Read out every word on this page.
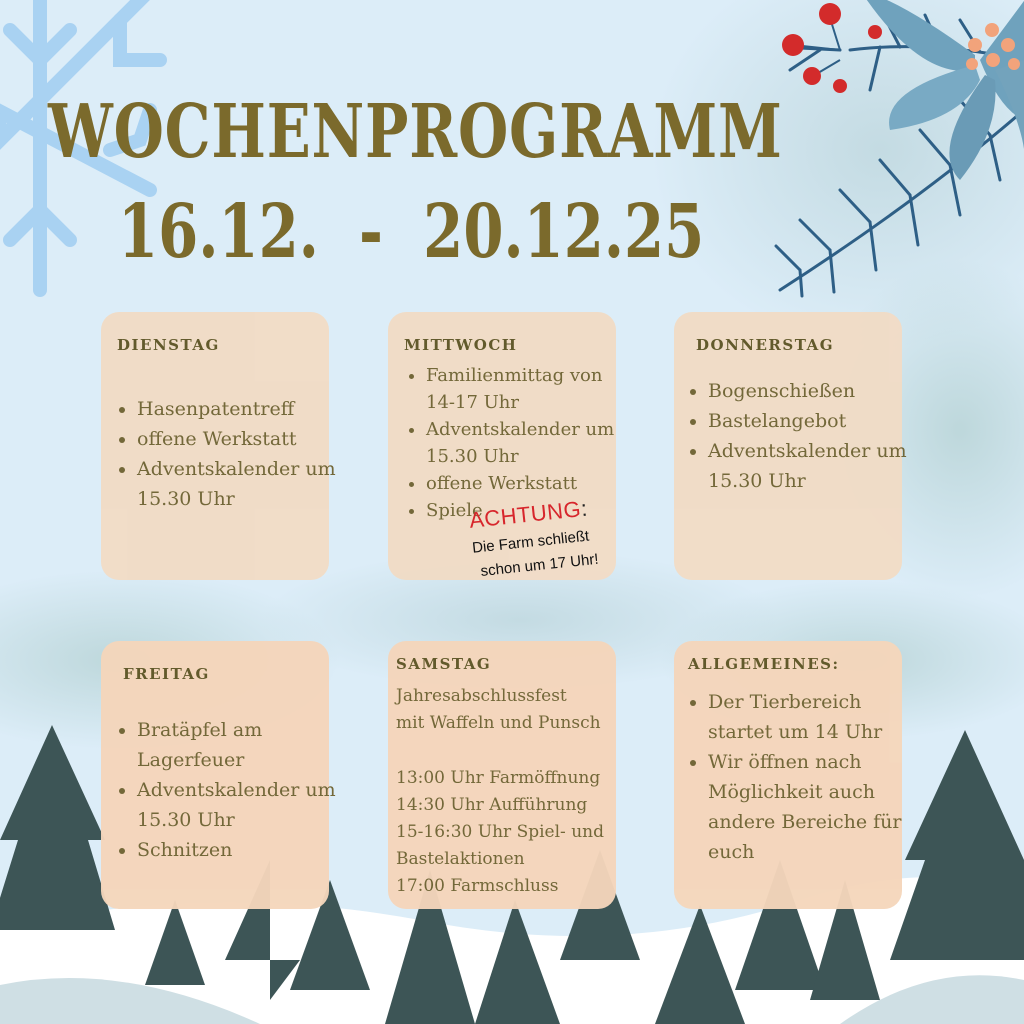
WOCHENPROGRAMM
16.12.  -  20.12.25
DIENSTAG
• Hasenpatentreff
• offene Werkstatt
• Adventskalender um 15.30 Uhr
MITTWOCH
• Familienmittag von 14-17 Uhr
• Adventskalender um 15.30 Uhr
• offene Werkstatt
• Spiele
DONNERSTAG
• Bogenschießen
• Bastelangebot
• Adventskalender um 15.30 Uhr
FREITAG
• Bratäpfel am Lagerfeuer
• Adventskalender um 15.30 Uhr
• Schnitzen
SAMSTAG

Jahresabschlussfest

mit Waffeln und Punsch

13:00 Uhr Farmöffnung

14:30 Uhr Aufführung

15-16:30 Uhr Spiel- und

Bastelaktionen

17:00 Farmschluss

ALLGEMEINES:
• Der Tierbereich startet um 14 Uhr
• Wir öffnen nach Möglichkeit auch andere Bereiche für euch
ACHTUNG:
Die Farm schließt
schon um 17 Uhr!
